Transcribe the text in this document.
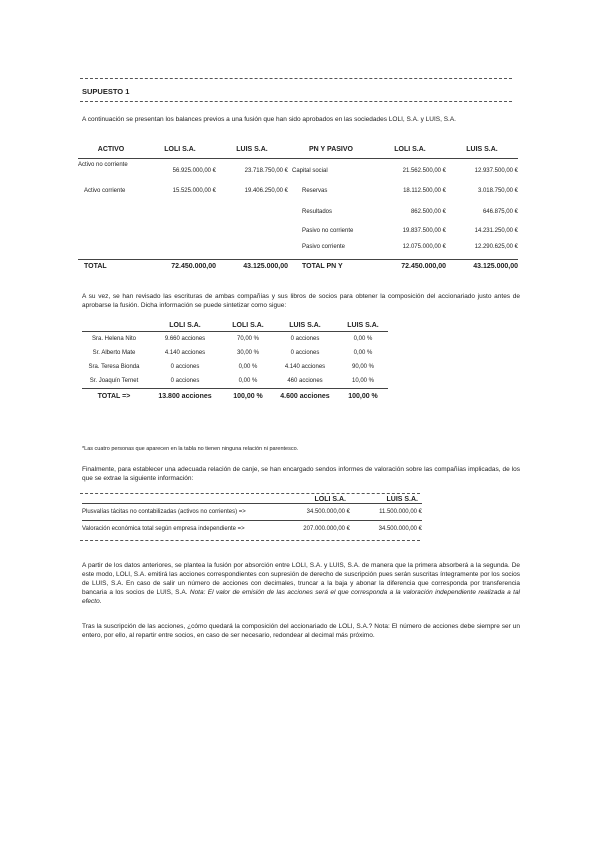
SUPUESTO 1
A continuación se presentan los balances previos a una fusión que han sido aprobados en las sociedades LOLI, S.A. y LUIS, S.A.
ACTIVO	LOLI S.A.	LUIS S.A.	PN Y PASIVO	LOLI S.A.	LUIS S.A.
Activo no corriente	56.925.000,00 €	23.718.750,00 €	Capital social	21.562.500,00 €	12.937.500,00 €
Activo corriente	15.525.000,00 €	19.406.250,00 €	Reservas	18.112.500,00 €	3.018.750,00 €
			Resultados	862.500,00 €	646.875,00 €
			Pasivo no corriente	19.837.500,00 €	14.231.250,00 €
			Pasivo corriente	12.075.000,00 €	12.290.625,00 €
TOTAL	72.450.000,00	43.125.000,00	TOTAL PN Y	72.450.000,00	43.125.000,00
A su vez, se han revisado las escrituras de ambas compañías y sus libros de socios para obtener la composición del accionariado justo antes de aprobarse la fusión. Dicha información se puede sintetizar como sigue:
	LOLI S.A.	LOLI S.A.	LUIS S.A.	LUIS S.A.
Sra. Helena Nito	9.660 acciones	70,00 %	0 acciones	0,00 %
Sr. Alberto Mate	4.140 acciones	30,00 %	0 acciones	0,00 %
Sra. Teresa Bionda	0 acciones	0,00 %	4.140 acciones	90,00 %
Sr. Joaquín Ternet	0 acciones	0,00 %	460 acciones	10,00 %
TOTAL =>	13.800 acciones	100,00 %	4.600 acciones	100,00 %
*Las cuatro personas que aparecen en la tabla no tienen ninguna relación ni parentesco.
Finalmente, para establecer una adecuada relación de canje, se han encargado sendos informes de valoración sobre las compañías implicadas, de los que se extrae la siguiente información:
	LOLI S.A.	LUIS S.A.
Plusvalías tácitas no contabilizadas (activos no corrientes) =>	34.500.000,00 €	11.500.000,00 €
Valoración económica total según empresa independiente =>	207.000.000,00 €	34.500.000,00 €
A partir de los datos anteriores, se plantea la fusión por absorción entre LOLI, S.A. y LUIS, S.A. de manera que la primera absorberá a la segunda. De este modo, LOLI, S.A. emitirá las acciones correspondientes con supresión de derecho de suscripción pues serán suscritas íntegramente por los socios de LUIS, S.A. En caso de salir un número de acciones con decimales, truncar a la baja y abonar la diferencia que corresponda por transferencia bancaria a los socios de LUIS, S.A. Nota: El valor de emisión de las acciones será el que corresponda a la valoración independiente realizada a tal efecto.
Tras la suscripción de las acciones, ¿cómo quedará la composición del accionariado de LOLI, S.A.? Nota: El número de acciones debe siempre ser un entero, por ello, al repartir entre socios, en caso de ser necesario, redondear al decimal más próximo.
